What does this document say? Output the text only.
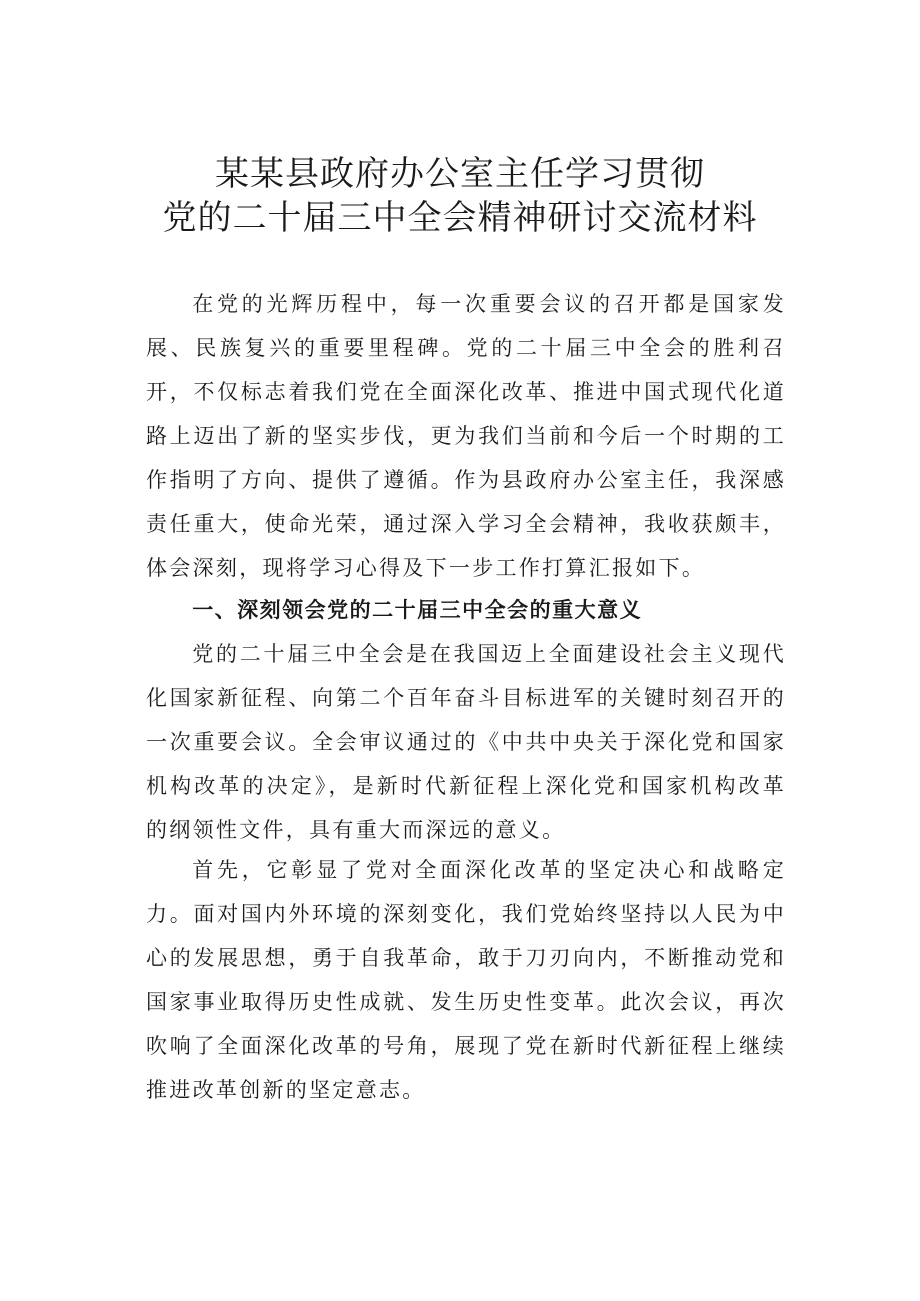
某某县政府办公室主任学习贯彻
党的二十届三中全会精神研讨交流材料

在党的光辉历程中，每一次重要会议的召开都是国家发展、民族复兴的重要里程碑。党的二十届三中全会的胜利召开，不仅标志着我们党在全面深化改革、推进中国式现代化道路上迈出了新的坚实步伐，更为我们当前和今后一个时期的工作指明了方向、提供了遵循。作为县政府办公室主任，我深感责任重大，使命光荣，通过深入学习全会精神，我收获颇丰，体会深刻，现将学习心得及下一步工作打算汇报如下。

一、深刻领会党的二十届三中全会的重大意义

党的二十届三中全会是在我国迈上全面建设社会主义现代化国家新征程、向第二个百年奋斗目标进军的关键时刻召开的一次重要会议。全会审议通过的《中共中央关于深化党和国家机构改革的决定》，是新时代新征程上深化党和国家机构改革的纲领性文件，具有重大而深远的意义。

首先，它彰显了党对全面深化改革的坚定决心和战略定力。面对国内外环境的深刻变化，我们党始终坚持以人民为中心的发展思想，勇于自我革命，敢于刀刃向内，不断推动党和国家事业取得历史性成就、发生历史性变革。此次会议，再次吹响了全面深化改革的号角，展现了党在新时代新征程上继续推进改革创新的坚定意志。
